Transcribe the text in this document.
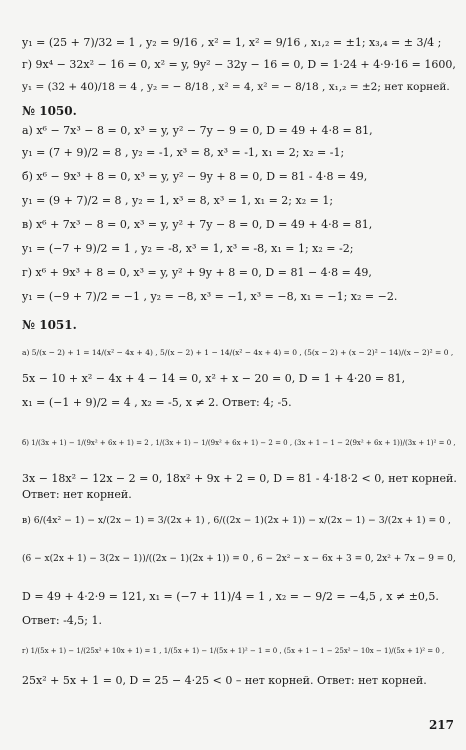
y₁ = (25 + 7)/32 = 1 , y₂ = 9/16 , x² = 1, x² = 9/16 , x₁,₂ = ±1; x₃,₄ = ± 3/4 ;
г) 9x⁴ − 32x² − 16 = 0, x² = y, 9y² − 32y − 16 = 0, D = 1·24 + 4·9·16 = 1600,
y₁ = (32 + 40)/18 = 4 , y₂ = − 8/18 , x² = 4, x² = − 8/18 , x₁,₂ = ±2; нет корней.
№ 1050.
а) x⁶ − 7x³ − 8 = 0, x³ = y, y² − 7y − 9 = 0, D = 49 + 4·8 = 81,
y₁ = (7 + 9)/2 = 8 , y₂ = -1, x³ = 8, x³ = -1, x₁ = 2; x₂ = -1;
б) x⁶ − 9x³ + 8 = 0, x³ = y, y² − 9y + 8 = 0, D = 81 - 4·8 = 49,
y₁ = (9 + 7)/2 = 8 , y₂ = 1, x³ = 8, x³ = 1, x₁ = 2; x₂ = 1;
в) x⁶ + 7x³ − 8 = 0, x³ = y, y² + 7y − 8 = 0, D = 49 + 4·8 = 81,
y₁ = (−7 + 9)/2 = 1 , y₂ = -8, x³ = 1, x³ = -8, x₁ = 1; x₂ = -2;
г) x⁶ + 9x³ + 8 = 0, x³ = y, y² + 9y + 8 = 0, D = 81 − 4·8 = 49,
y₁ = (−9 + 7)/2 = −1 , y₂ = −8, x³ = −1, x³ = −8, x₁ = −1; x₂ = −2.
№ 1051.
а) 5/(x − 2) + 1 = 14/(x² − 4x + 4) , 5/(x − 2) + 1 − 14/(x² − 4x + 4) = 0 , (5(x − 2) + (x − 2)² − 14)/(x − 2)² = 0 ,
5x − 10 + x² − 4x + 4 − 14 = 0, x² + x − 20 = 0, D = 1 + 4·20 = 81,
x₁ = (−1 + 9)/2 = 4 , x₂ = -5, x ≠ 2. Ответ: 4; -5.
б) 1/(3x + 1) − 1/(9x² + 6x + 1) = 2 , 1/(3x + 1) − 1/(9x² + 6x + 1) − 2 = 0 , (3x + 1 − 1 − 2(9x² + 6x + 1))/(3x + 1)² = 0 ,
3x − 18x² − 12x − 2 = 0, 18x² + 9x + 2 = 0, D = 81 - 4·18·2 < 0, нет корней.
Ответ: нет корней.
в) 6/(4x² − 1) − x/(2x − 1) = 3/(2x + 1) , 6/((2x − 1)(2x + 1)) − x/(2x − 1) − 3/(2x + 1) = 0 ,
(6 − x(2x + 1) − 3(2x − 1))/((2x − 1)(2x + 1)) = 0 , 6 − 2x² − x − 6x + 3 = 0, 2x² + 7x − 9 = 0,
D = 49 + 4·2·9 = 121, x₁ = (−7 + 11)/4 = 1 , x₂ = − 9/2 = −4,5 , x ≠ ±0,5.
Ответ: -4,5; 1.
г) 1/(5x + 1) − 1/(25x² + 10x + 1) = 1 , 1/(5x + 1) − 1/(5x + 1)² − 1 = 0 , (5x + 1 − 1 − 25x² − 10x − 1)/(5x + 1)² = 0 ,
25x² + 5x + 1 = 0, D = 25 − 4·25 < 0 – нет корней. Ответ: нет корней.
217
